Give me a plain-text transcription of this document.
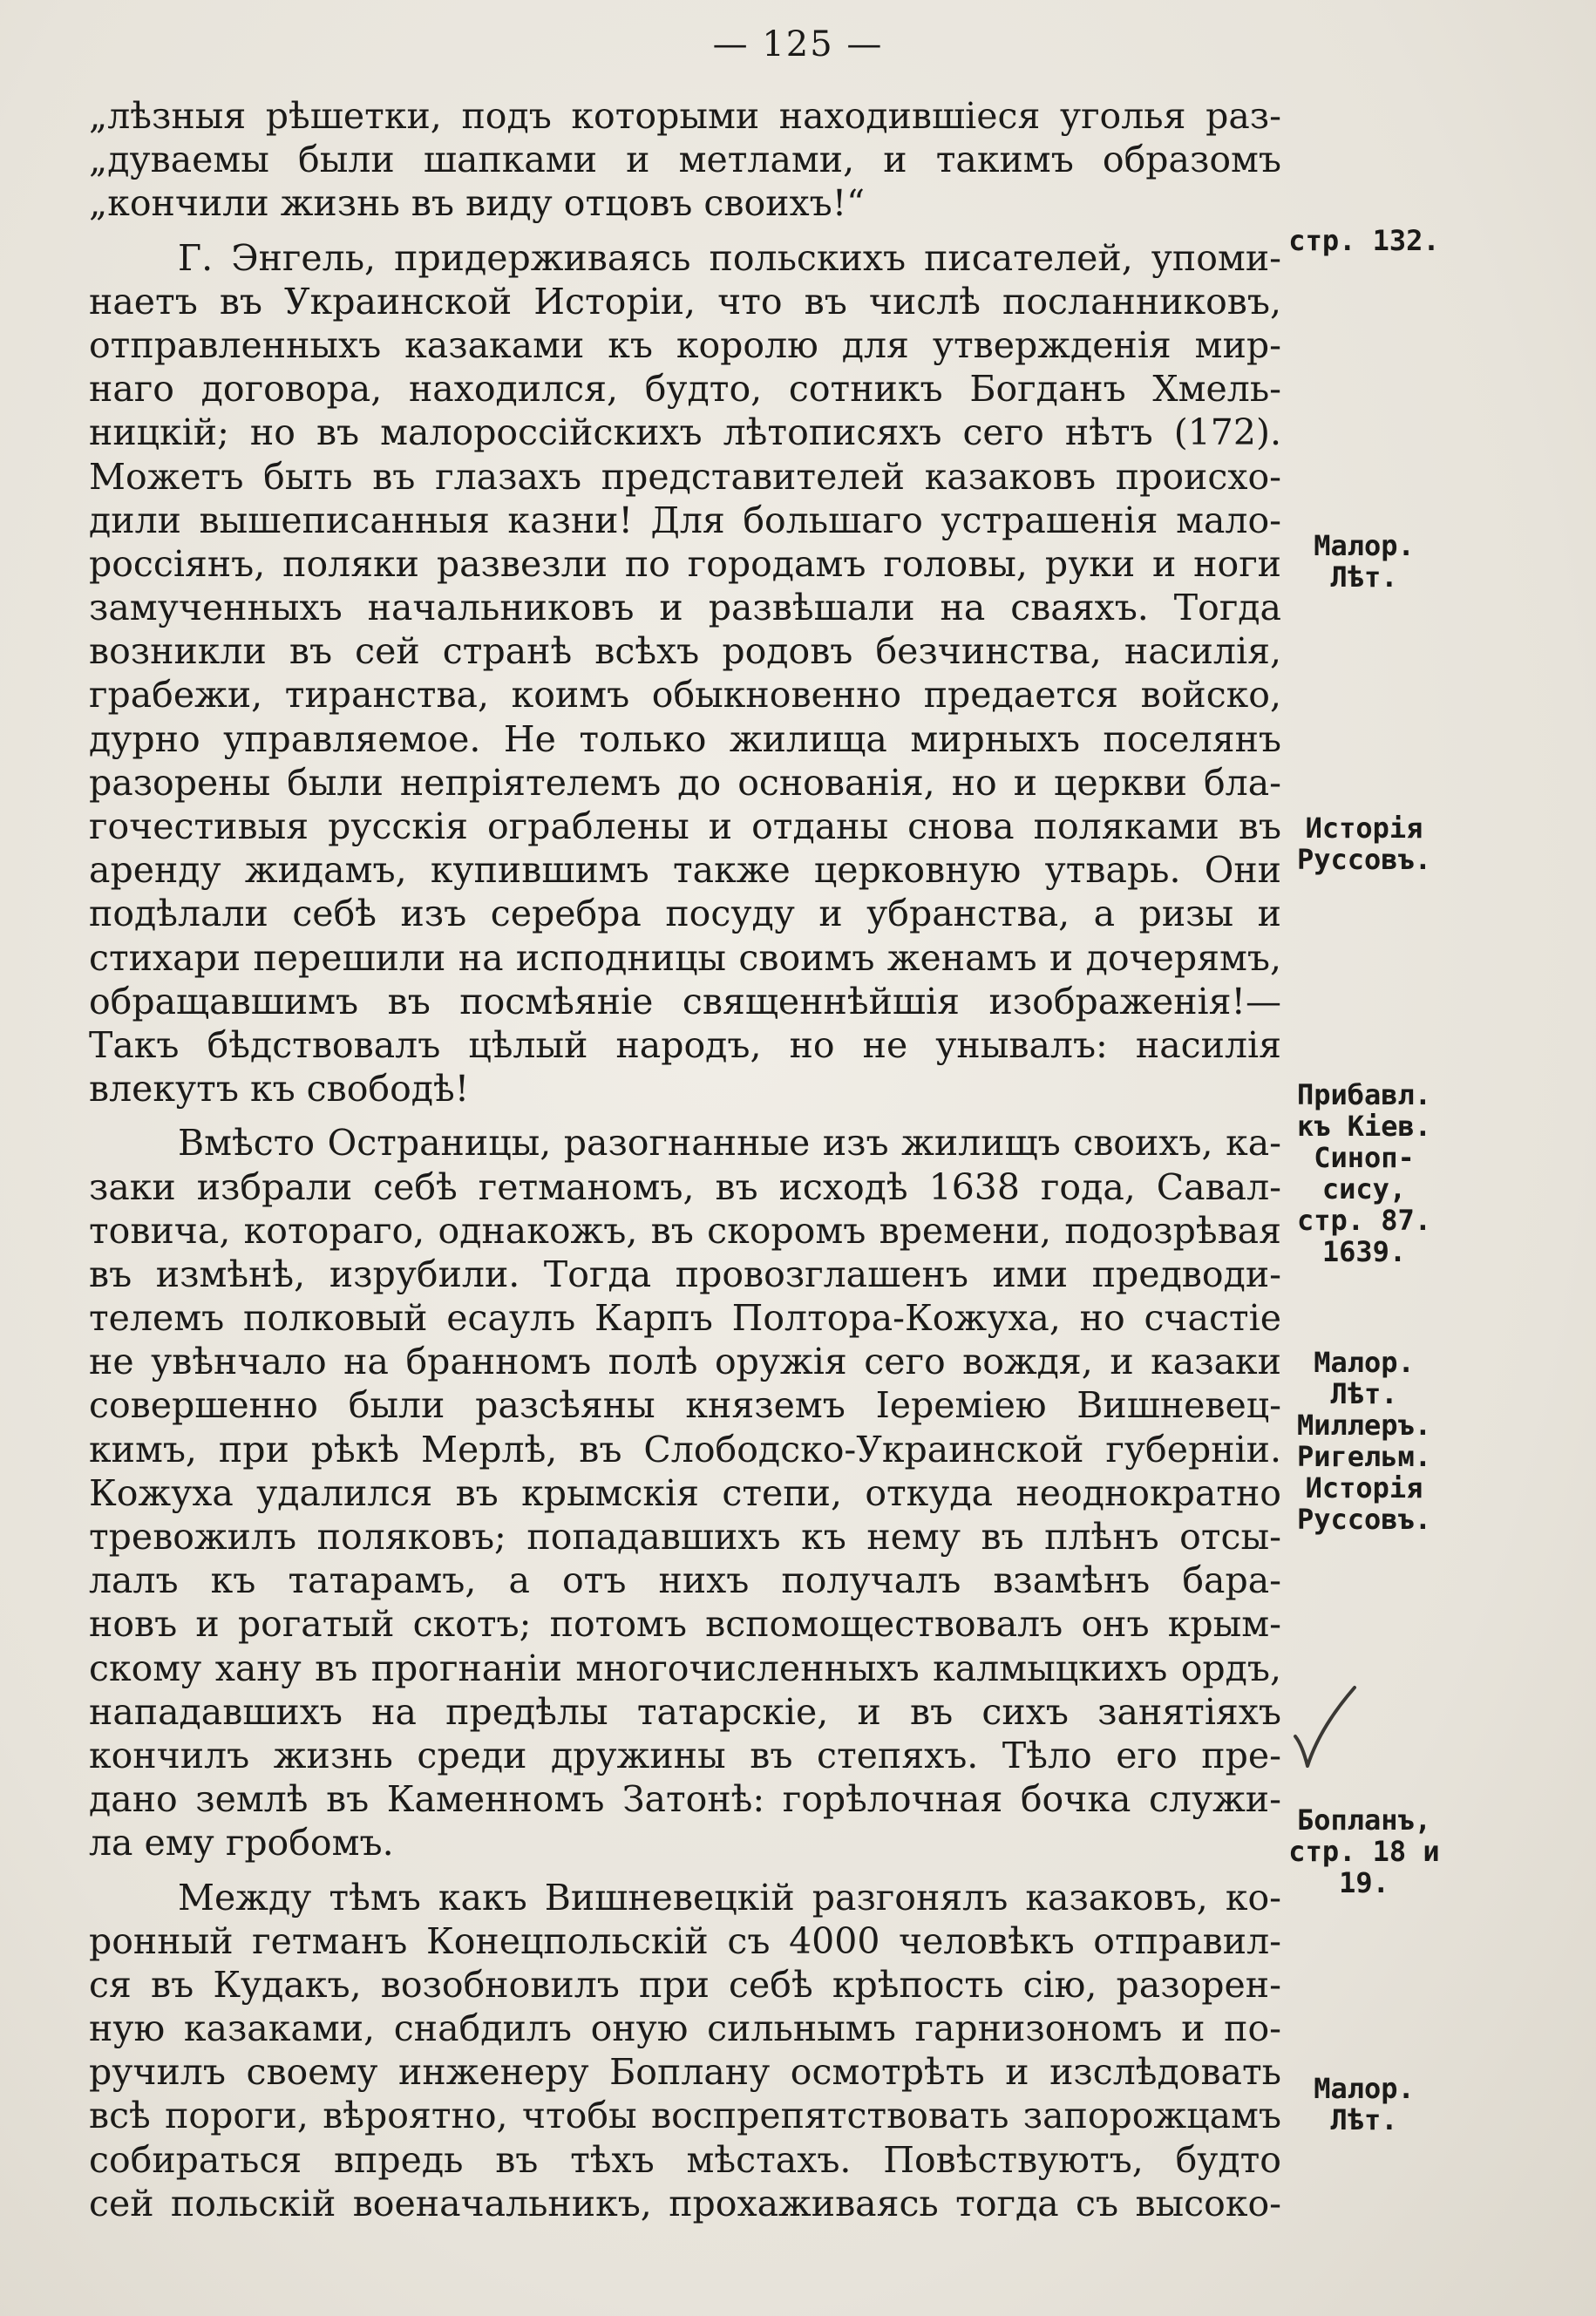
— 125 —
„лѣзныя рѣшетки, подъ которыми находившіеся уголья раз-
„дуваемы были шапками и метлами, и такимъ образомъ
„кончили жизнь въ виду отцовъ своихъ!“
Г. Энгель, придерживаясь польскихъ писателей, упоми-
наетъ въ Украинской Исторіи, что въ числѣ посланниковъ,
отправленныхъ казаками къ королю для утвержденія мир-
наго договора, находился, будто, сотникъ Богданъ Хмель-
ницкій; но въ малороссійскихъ лѣтописяхъ сего нѣтъ (172).
Можетъ быть въ глазахъ представителей казаковъ происхо-
дили вышеписанныя казни! Для большаго устрашенія мало-
россіянъ, поляки развезли по городамъ головы, руки и ноги
замученныхъ начальниковъ и развѣшали на сваяхъ. Тогда
возникли въ сей странѣ всѣхъ родовъ безчинства, насилія,
грабежи, тиранства, коимъ обыкновенно предается войско,
дурно управляемое. Не только жилища мирныхъ поселянъ
разорены были непріятелемъ до основанія, но и церкви бла-
гочестивыя русскія ограблены и отданы снова поляками въ
аренду жидамъ, купившимъ также церковную утварь. Они
подѣлали себѣ изъ серебра посуду и убранства, а ризы и
стихари перешили на исподницы своимъ женамъ и дочерямъ,
обращавшимъ въ посмѣяніе священнѣйшія изображенія!—
Такъ бѣдствовалъ цѣлый народъ, но не унывалъ: насилія
влекутъ къ свободѣ!
Вмѣсто Остраницы, разогнанные изъ жилищъ своихъ, ка-
заки избрали себѣ гетманомъ, въ исходѣ 1638 года, Савал-
товича, котораго, однакожъ, въ скоромъ времени, подозрѣвая
въ измѣнѣ, изрубили. Тогда провозглашенъ ими предводи-
телемъ полковый есаулъ Карпъ Полтора-Кожуха, но счастіе
не увѣнчало на бранномъ полѣ оружія сего вождя, и казаки
совершенно были разсѣяны княземъ Іереміею Вишневец-
кимъ, при рѣкѣ Мерлѣ, въ Слободско-Украинской губерніи.
Кожуха удалился въ крымскія степи, откуда неоднократно
тревожилъ поляковъ; попадавшихъ къ нему въ плѣнъ отсы-
лалъ къ татарамъ, а отъ нихъ получалъ взамѣнъ бара-
новъ и рогатый скотъ; потомъ вспомоществовалъ онъ крым-
скому хану въ прогнаніи многочисленныхъ калмыцкихъ ордъ,
нападавшихъ на предѣлы татарскіе, и въ сихъ занятіяхъ
кончилъ жизнь среди дружины въ степяхъ. Тѣло его пре-
дано землѣ въ Каменномъ Затонѣ: горѣлочная бочка служи-
ла ему гробомъ.
Между тѣмъ какъ Вишневецкій разгонялъ казаковъ, ко-
ронный гетманъ Конецпольскій съ 4000 человѣкъ отправил-
ся въ Кудакъ, возобновилъ при себѣ крѣпость сію, разорен-
ную казаками, снабдилъ оную сильнымъ гарнизономъ и по-
ручилъ своему инженеру Боплану осмотрѣть и изслѣдовать
всѣ пороги, вѣроятно, чтобы воспрепятствовать запорожцамъ
собираться впредь въ тѣхъ мѣстахъ. Повѣствуютъ, будто
сей польскій военачальникъ, прохаживаясь тогда съ высоко-
стр. 132.
Малор.
Лѣт.
Исторія
Руссовъ.
Прибавл.
къ Кіев.
Синоп-
сису,
стр. 87.
1639.
Малор.
Лѣт.
Миллеръ.
Ригельм.
Исторія
Руссовъ.
Бопланъ,
стр. 18 и
19.
Малор.
Лѣт.
